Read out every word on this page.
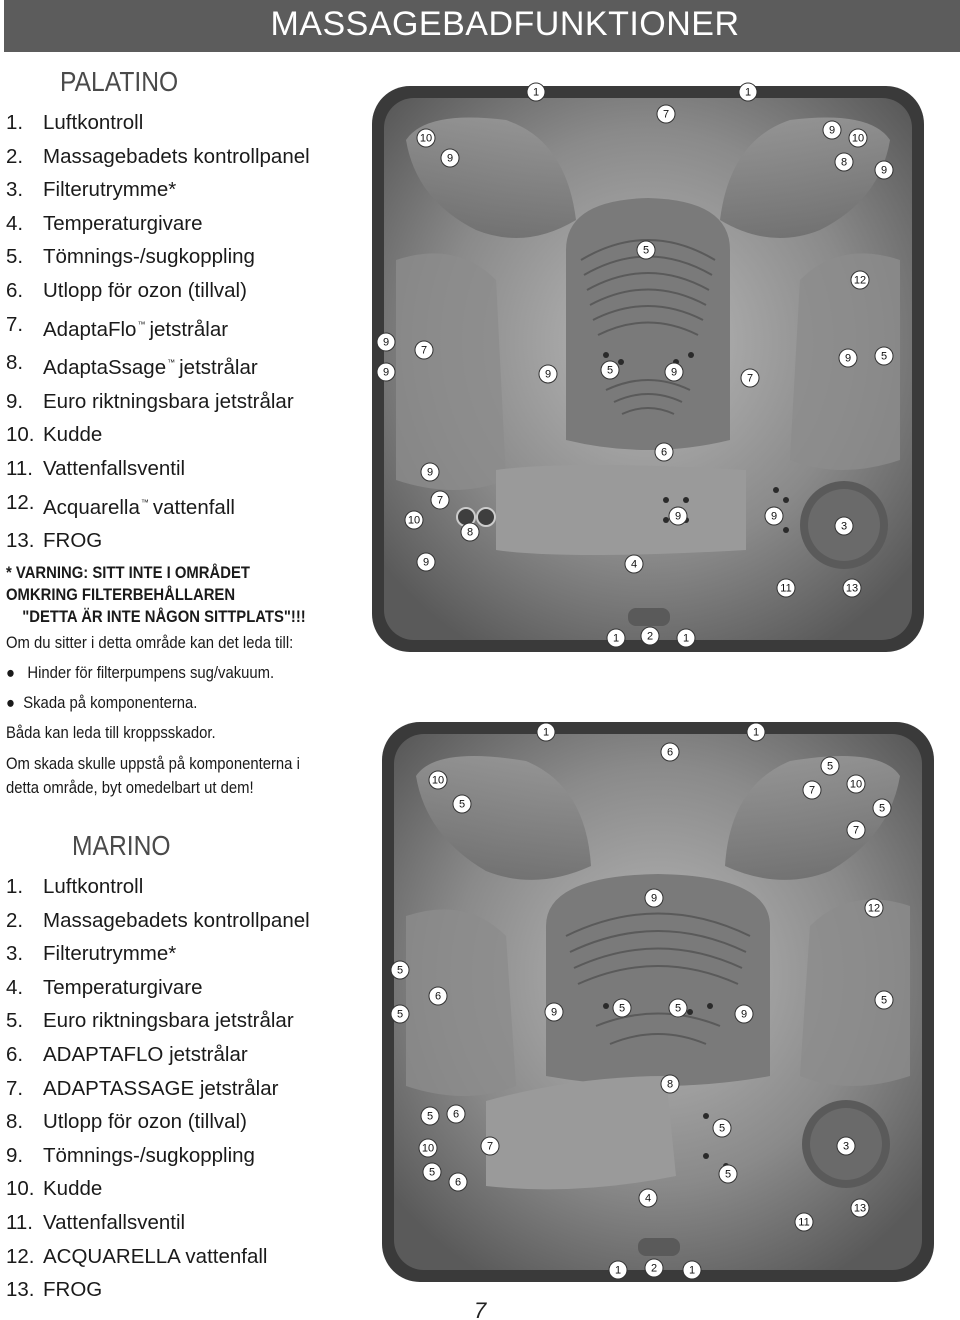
MASSAGEBADFUNKTIONER
PALATINO
1. Luftkontroll
2. Massagebadets kontrollpanel
3. Filterutrymme*
4. Temperaturgivare
5. Tömnings-/sugkoppling
6. Utlopp för ozon (tillval)
7. AdaptaFlo™ jetstrålar
8. AdaptaSsage™ jetstrålar
9. Euro riktningsbara jetstrålar
10. Kudde
11. Vattenfallsventil
12. Acquarella™ vattenfall
13. FROG
* VARNING: SITT INTE I OMRÅDET
OMKRING FILTERBEHÅLLAREN
"DETTA ÄR INTE NÅGON SITTPLATS"!!!
Om du sitter i detta område kan det leda till:
● Hinder för filterpumpens sug/vakuum.
● Skada på komponenterna.
Båda kan leda till kroppsskador.
Om skada skulle uppstå på komponenterna i
detta område, byt omedelbart ut dem!
MARINO
1. Luftkontroll
2. Massagebadets kontrollpanel
3. Filterutrymme*
4. Temperaturgivare
5. Euro riktningsbara jetstrålar
6. ADAPTAFLO jetstrålar
7. ADAPTASSAGE jetstrålar
8. Utlopp för ozon (tillval)
9. Tömnings-/sugkoppling
10. Kudde
11. Vattenfallsventil
12. ACQUARELLA vattenfall
13. FROG
1	1
7
10
9
9
10
8
9
5
12
9
7
9	5
9	9	5	9	7
6
9
7
10
8
9	9
3
9	4
11	13
1	2	1
1	1
6
10
5
5
7	10
5
7
9
12
5
5
6
9	5	5	9
5
8
5 6
10	7
5
6
5
5
3
4
11
13
1	2	1
7
